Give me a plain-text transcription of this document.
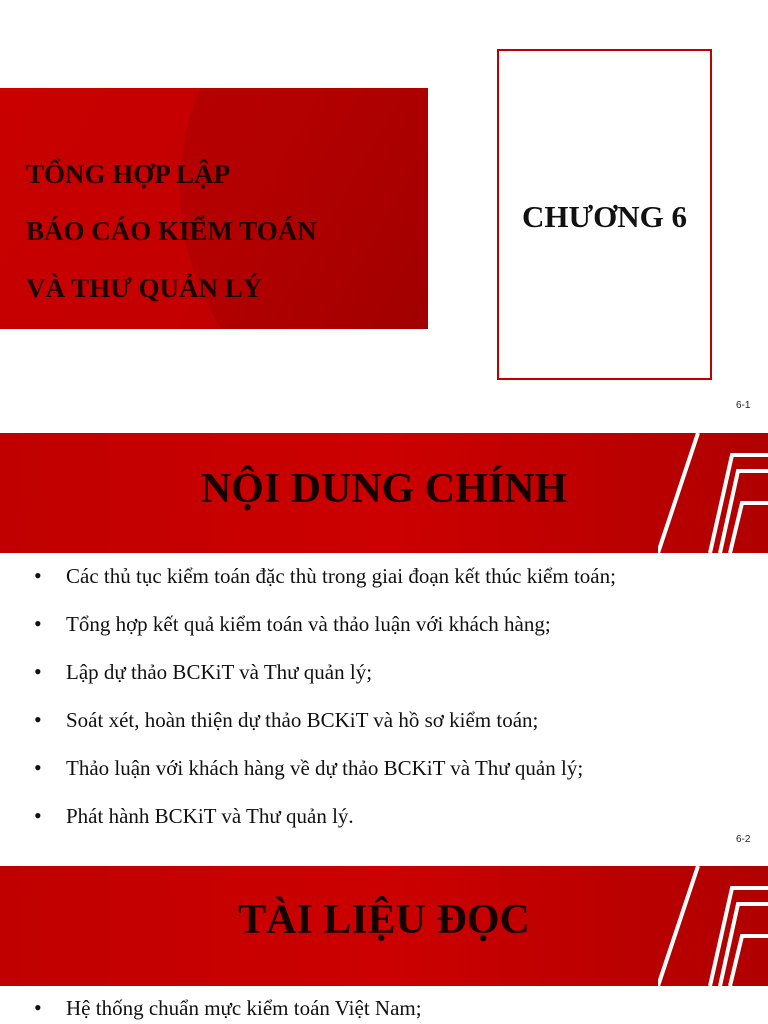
TỔNG HỢP LẬP
BÁO CÁO KIỂM TOÁN
VÀ THƯ QUẢN LÝ
CHƯƠNG 6
6-1
NỘI DUNG CHÍNH
• Các thủ tục kiểm toán đặc thù trong giai đoạn kết thúc kiểm toán;
• Tổng hợp kết quả kiểm toán và thảo luận với khách hàng;
• Lập dự thảo BCKiT và Thư quản lý;
• Soát xét, hoàn thiện dự thảo BCKiT và hồ sơ kiểm toán;
• Thảo luận với khách hàng về dự thảo BCKiT và Thư quản lý;
• Phát hành BCKiT và Thư quản lý.
6-2
TÀI LIỆU ĐỌC
• Hệ thống chuẩn mực kiểm toán Việt Nam;
